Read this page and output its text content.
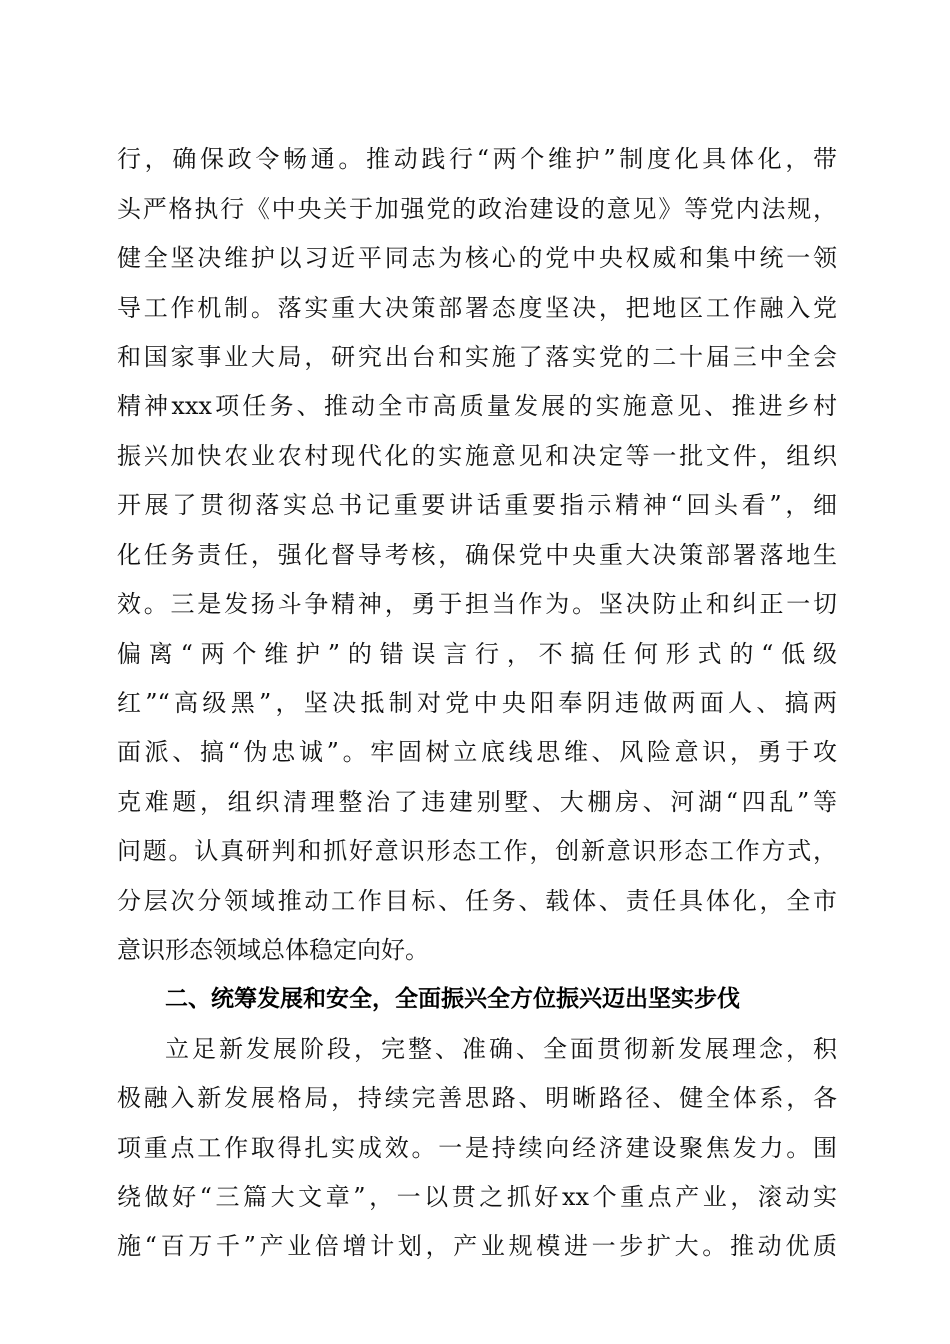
行，确保政令畅通。推动践行“两个维护”制度化具体化，带

头严格执行《中央关于加强党的政治建设的意见》等党内法规，

健全坚决维护以习近平同志为核心的党中央权威和集中统一领

导工作机制。落实重大决策部署态度坚决，把地区工作融入党

和国家事业大局，研究出台和实施了落实党的二十届三中全会

精神xxx项任务、推动全市高质量发展的实施意见、推进乡村

振兴加快农业农村现代化的实施意见和决定等一批文件，组织

开展了贯彻落实总书记重要讲话重要指示精神“回头看”，细

化任务责任，强化督导考核，确保党中央重大决策部署落地生

效。三是发扬斗争精神，勇于担当作为。坚决防止和纠正一切

偏离“两个维护”的错误言行，不搞任何形式的“低级

红”“高级黑”，坚决抵制对党中央阳奉阴违做两面人、搞两

面派、搞“伪忠诚”。牢固树立底线思维、风险意识，勇于攻

克难题，组织清理整治了违建别墅、大棚房、河湖“四乱”等

问题。认真研判和抓好意识形态工作，创新意识形态工作方式，

分层次分领域推动工作目标、任务、载体、责任具体化，全市

意识形态领域总体稳定向好。

二、统筹发展和安全，全面振兴全方位振兴迈出坚实步伐

立足新发展阶段，完整、准确、全面贯彻新发展理念，积

极融入新发展格局，持续完善思路、明晰路径、健全体系，各

项重点工作取得扎实成效。一是持续向经济建设聚焦发力。围

绕做好“三篇大文章”，一以贯之抓好xx个重点产业，滚动实

施“百万千”产业倍增计划，产业规模进一步扩大。推动优质
